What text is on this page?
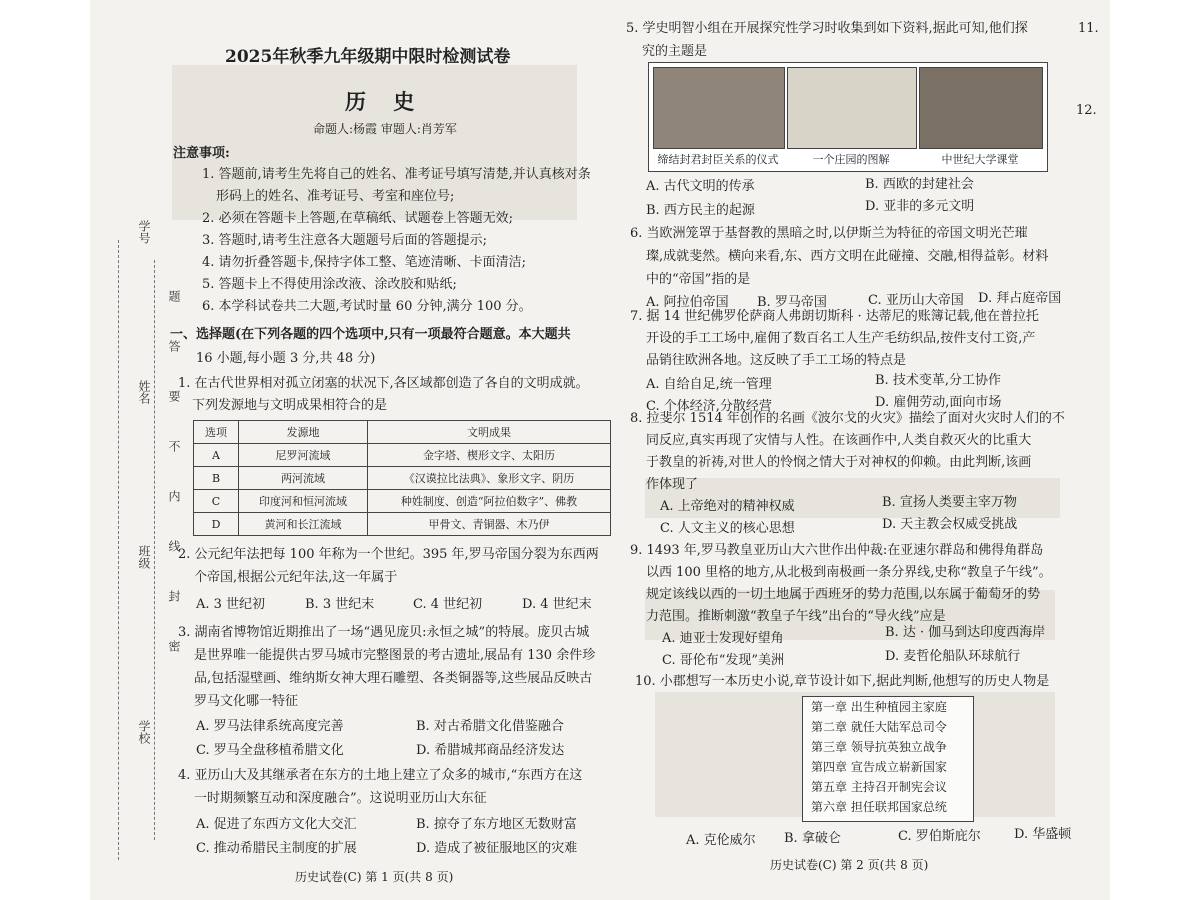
学号
姓名
班级
学校
题
答
要
不
内
线
封
密
2025年秋季九年级期中限时检测试卷
历 史
命题人:杨霞 审题人:肖芳军
注意事项:
1. 答题前,请考生先将自己的姓名、准考证号填写清楚,并认真核对条
形码上的姓名、准考证号、考室和座位号;
2. 必须在答题卡上答题,在草稿纸、试题卷上答题无效;
3. 答题时,请考生注意各大题题号后面的答题提示;
4. 请勿折叠答题卡,保持字体工整、笔迹清晰、卡面清洁;
5. 答题卡上不得使用涂改液、涂改胶和贴纸;
6. 本学科试卷共二大题,考试时量 60 分钟,满分 100 分。
一、选择题(在下列各题的四个选项中,只有一项最符合题意。本大题共
16 小题,每小题 3 分,共 48 分)
1. 在古代世界相对孤立闭塞的状况下,各区域都创造了各自的文明成就。
下列发源地与文明成果相符合的是
选项	发源地	文明成果
A	尼罗河流域	金字塔、楔形文字、太阳历
B	两河流域	《汉谟拉比法典》、象形文字、阴历
C	印度河和恒河流域	种姓制度、创造“阿拉伯数字”、佛教
D	黄河和长江流域	甲骨文、青铜器、木乃伊
2. 公元纪年法把每 100 年称为一个世纪。395 年,罗马帝国分裂为东西两
个帝国,根据公元纪年法,这一年属于
A. 3 世纪初	B. 3 世纪末	C. 4 世纪初	D. 4 世纪末
3. 湖南省博物馆近期推出了一场“遇见庞贝:永恒之城”的特展。庞贝古城
是世界唯一能提供古罗马城市完整图景的考古遗址,展品有 130 余件珍
品,包括湿壁画、维纳斯女神大理石雕塑、各类铜器等,这些展品反映古
罗马文化哪一特征
A. 罗马法律系统高度完善	B. 对古希腊文化借鉴融合
C. 罗马全盘移植希腊文化	D. 希腊城邦商品经济发达
4. 亚历山大及其继承者在东方的土地上建立了众多的城市,“东西方在这
一时期频繁互动和深度融合”。这说明亚历山大东征
A. 促进了东西方文化大交汇	B. 掠夺了东方地区无数财富
C. 推动希腊民主制度的扩展	D. 造成了被征服地区的灾难
历史试卷(C) 第 1 页(共 8 页)
5. 学史明智小组在开展探究性学习时收集到如下资料,据此可知,他们探
究的主题是
缔结封君封臣关系的仪式	一个庄园的图解	中世纪大学课堂
A. 古代文明的传承	B. 西欧的封建社会
B. 西方民主的起源	D. 亚非的多元文明
6. 当欧洲笼罩于基督教的黑暗之时,以伊斯兰为特征的帝国文明光芒璀
璨,成就斐然。横向来看,东、西方文明在此碰撞、交融,相得益彰。材料
中的“帝国”指的是
A. 阿拉伯帝国 B. 罗马帝国	C. 亚历山大帝国 D. 拜占庭帝国
7. 据 14 世纪佛罗伦萨商人弗朗切斯科 · 达蒂尼的账簿记载,他在普拉托
开设的手工工场中,雇佣了数百名工人生产毛纺织品,按件支付工资,产
品销往欧洲各地。这反映了手工工场的特点是
A. 自给自足,统一管理	B. 技术变革,分工协作
C. 个体经济,分散经营	D. 雇佣劳动,面向市场
8. 拉斐尔 1514 年创作的名画《波尔戈的火灾》描绘了面对火灾时人们的不
同反应,真实再现了灾情与人性。在该画作中,人类自救灭火的比重大
于教皇的祈祷,对世人的怜悯之情大于对神权的仰赖。由此判断,该画
作体现了
A. 上帝绝对的精神权威	B. 宣扬人类要主宰万物
C. 人文主义的核心思想	D. 天主教会权威受挑战
9. 1493 年,罗马教皇亚历山大六世作出仲裁:在亚速尔群岛和佛得角群岛
以西 100 里格的地方,从北极到南极画一条分界线,史称“教皇子午线”。
规定该线以西的一切土地属于西班牙的势力范围,以东属于葡萄牙的势
力范围。推断刺激“教皇子午线”出台的“导火线”应是
A. 迪亚士发现好望角	B. 达 · 伽马到达印度西海岸
C. 哥伦布“发现”美洲	D. 麦哲伦船队环球航行
10. 小郡想写一本历史小说,章节设计如下,据此判断,他想写的历史人物是
第一章 出生种植园主家庭
第二章 就任大陆军总司令
第三章 领导抗英独立战争
第四章 宣告成立崭新国家
第五章 主持召开制宪会议
第六章 担任联邦国家总统
A. 克伦威尔 B. 拿破仑	C. 罗伯斯庇尔	D. 华盛顿
历史试卷(C) 第 2 页(共 8 页)
11.
12.
